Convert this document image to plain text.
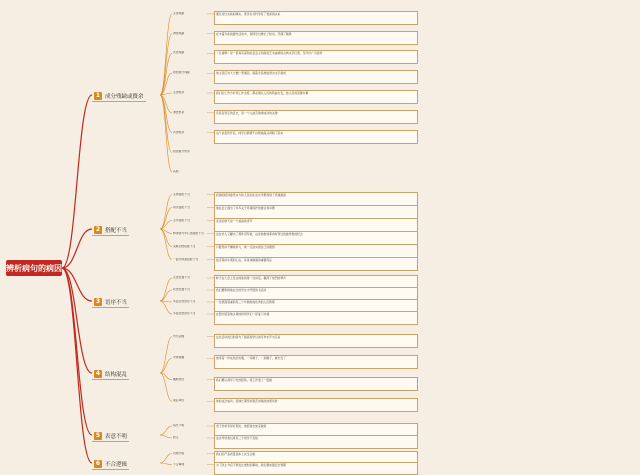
辨析病句的病因
1 成分残缺或赘余
主语残缺	通过对比实验的事实，使学生对科学有了更深的认识
谓语残缺	在丰富多彩的课外活动中，使同学们增长了知识，开阔了眼界
宾语残缺	《红楼梦》是一部具有深刻社会意义和高度艺术成就的古典文学巨著，至今仍广为流传
附加成分残缺	他主张应该大力推广普通话，提高全民族的语言文字素质
主语赘余	我们的工作方针和工作态度，都必须从人民的利益出发，按人民的需要办事
谓语赘余	有没有坚定的意志，是一个人能否取得成功的关键
宾语赘余	这个消息传开后，同学们都情不自禁地高兴得跳了起来
附加成分赘余
其他
2 搭配不当
主谓搭配不当	我国的经济建设实力和人民的生活水平都得到了迅速提高
动宾搭配不当	他在会上提出了许多关于环境保护的建议和问题
主宾搭配不当	北京的秋天是一个美丽的季节
修饰语与中心语搭配不当	这位老人又翻出了那件旧军装，这是他参加革命时穿过的最珍贵的纪念
关联词语搭配不当	只要坚持不懈地努力，就一定能实现自己的理想
一面与两面搭配不当	能否保持乐观的心态，是身体健康的重要保证
3 语序不当
定语位置不当	昨天在大会上发言的他的第一次讲话，赢得了热烈的掌声
状语位置不当	我们要积极地在全校学生中开展读书活动
多层定语语序不当	一位德高望重的有三十年教龄的优秀的人民教师
多层状语语序不当	在图书馆里他认真地和同学们一起复习功课
4 结构混乱
句式杂糅	这次活动的目的是为了提高同学们的写作水平为宗旨
中途易辙	他穿着一件灰色的衣服，一双鞋子，一顶帽子，就出发了
藕断丝连	我们要认真学习先进经验，使工作更上一层楼
前后牵连	他的这次成功，是他长期坚持刻苦训练的结果所致
5 表意不明
指代不明	老王和老李是好朋友，他经常去他家做客
歧义	这次考试我们班有三个同学不及格
6 不合逻辑
自相矛盾	我们的产品质量基本上完全合格
不合事理	为了防止今后不再发生类似的事故，我们要加强安全管理
